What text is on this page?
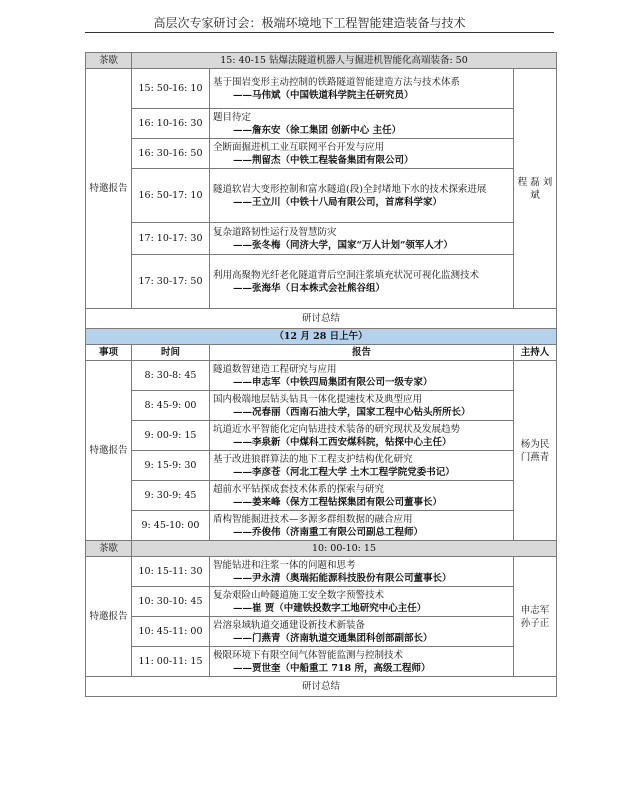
高层次专家研讨会：极端环境地下工程智能建造装备与技术
茶歇	15: 40-15 钻爆法隧道机器人与掘进机智能化高端装备: 50		
特邀报告	15: 50-16: 10	基于围岩变形主动控制的铁路隧道智能建造方法与技术体系
——马伟斌（中国铁道科学院主任研究员）	程 磊 刘 斌
	16: 10-16: 30	题目待定
——詹东安（徐工集团 创新中心 主任）	

	16: 30-16: 50	全断面掘进机工业互联网平台开发与应用
——荆留杰（中铁工程装备集团有限公司）	

	16: 50-17: 10	隧道软岩大变形控制和富水隧道(段)全封堵地下水的技术探索进展
——王立川（中铁十八局有限公司，首席科学家）	

	17: 10-17: 30	复杂道路韧性运行及智慧防灾
——张冬梅（同济大学，国家“万人计划”领军人才）	

	17: 30-17: 50	利用高聚物光纤老化隧道背后空洞注浆填充状况可视化监测技术
——张海华（日本株式会社熊谷组）	

研讨总结			
（12 月 28 日上午）			
事项	时间	报告	主持人
特邀报告	8: 30-8: 45	隧道数智建造工程研究与应用
——申志军（中铁四局集团有限公司一级专家）	杨为民 门燕青
	8: 45-9: 00	国内极端地层钻头钻具一体化提速技术及典型应用
——况春丽（西南石油大学，国家工程中心钻头所所长）	

	9: 00-9: 15	坑道近水平智能化定向钻进技术装备的研究现状及发展趋势
——李泉新（中煤科工西安煤科院，钻探中心主任）	

	9: 15-9: 30	基于改进狼群算法的地下工程支护结构优化研究
——李彦苍（河北工程大学 土木工程学院党委书记）	

	9: 30-9: 45	超前水平钻探成套技术体系的探索与研究
——姜来峰（保方工程钻探集团有限公司董事长）	

	9: 45-10: 00	盾构智能掘进技术—多源多群组数据的融合应用
——乔俊伟（济南重工有限公司副总工程师）	

茶歇	10: 00-10: 15		
特邀报告	10: 15-11: 30	智能钻进和注浆一体的问题和思考
——尹永清（奥瑞拓能源科技股份有限公司董事长）	申志军 孙子正
	10: 30-10: 45	复杂艰险山岭隧道施工安全数字预警技术
——崔 贾（中建铁投数字工地研究中心主任）	

	10: 45-11: 00	岩溶泉域轨道交通建设新技术新装备
——门燕青（济南轨道交通集团科创部副部长）	

	11: 00-11: 15	极限环境下有限空间气体智能监测与控制技术
——贾世奎（中船重工 718 所，高级工程师）	

研讨总结			
